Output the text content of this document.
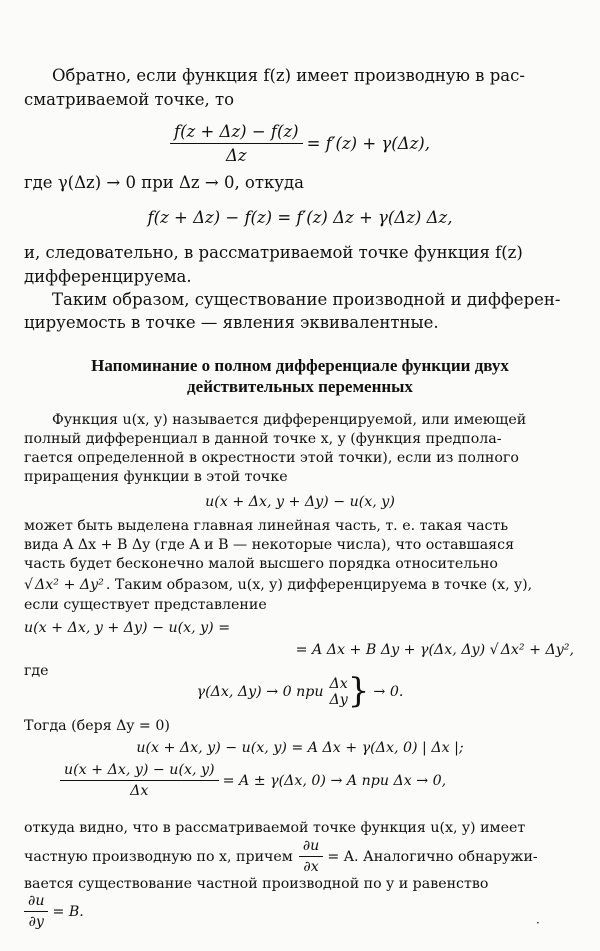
Обратно, если функция f(z) имеет производную в рас-
сматриваемой точке, то
$\frac{f(z + \Delta z) - f(z)}{\Delta z} = f'(z) + \gamma(\Delta z)$,
где γ(Δz) → 0 при Δz → 0, откуда
f(z + Δz) − f(z) = f′(z) Δz + γ(Δz) Δz,
и, следовательно, в рассматриваемой точке функция f(z)
дифференцируема.
Таким образом, существование производной и дифферен-
цируемость в точке — явления эквивалентные.
Напоминание о полном дифференциале функции двух
действительных переменных
Функция u(x, y) называется дифференцируемой, или имеющей
полный дифференциал в данной точке x, y (функция предпола-
гается определенной в окрестности этой точки), если из полного
приращения функции в этой точке
u(x + Δx, y + Δy) − u(x, y)
может быть выделена главная линейная часть, т. е. такая часть
вида A Δx + B Δy (где A и B — некоторые числа), что оставшаяся
часть будет бесконечно малой высшего порядка относительно
√ Δx² + Δy² . Таким образом, u(x, y) дифференцируема в точке (x, y),
если существует представление
u(x + Δx, y + Δy) − u(x, y) =
= A Δx + B Δy + γ(Δx, Δy) √ Δx² + Δy²,
где
γ(Δx, Δy) → 0 при Δx
Δy } → 0.
Тогда (беря Δy = 0)
u(x + Δx, y) − u(x, y) = A Δx + γ(Δx, 0) | Δx |;
$\frac{u(x + \Delta x, y) - u(x, y)}{\Delta x} = A \pm \gamma(\Delta x$, 0) → A при Δx → 0,
откуда видно, что в рассматриваемой точке функция u(x, y) имеет
частную производную по x, причем $\frac{\partial u}{\partial x} = A$. Аналогично обнаружи-
вается существование частной производной по y и равенство
$\frac{\partial u}{\partial y} = B$.
·
